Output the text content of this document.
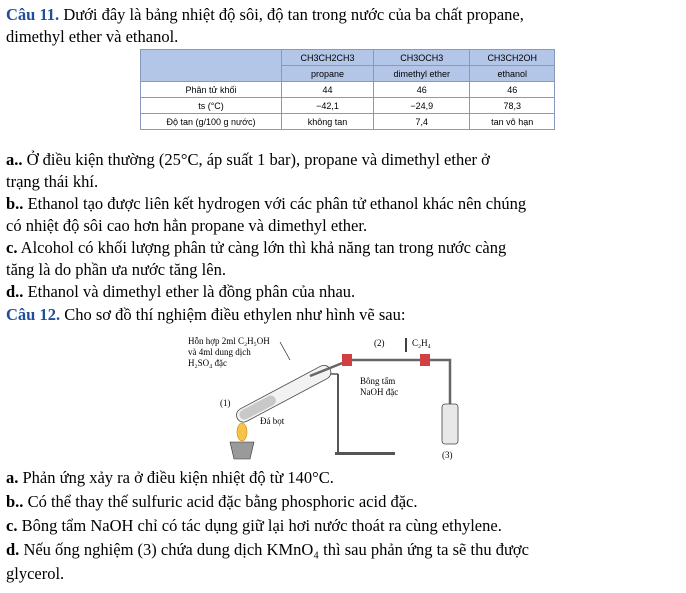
Câu 11. Dưới đây là bảng nhiệt độ sôi, độ tan trong nước của ba chất propane,
dimethyl ether và ethanol.
	CH3CH2CH3	CH3OCH3	CH3CH2OH
	propane	dimethyl ether	ethanol
Phân tử khối	44	46	46
ts (°C)	−42,1	−24,9	78,3
Độ tan (g/100 g nước)	không tan	7,4	tan vô hạn
a.. Ở điều kiện thường (25°C, áp suất 1 bar), propane và dimethyl ether ở
trạng thái khí.
b.. Ethanol tạo được liên kết hydrogen với các phân tử ethanol khác nên chúng
có nhiệt độ sôi cao hơn hẳn propane và dimethyl ether.
c. Alcohol có khối lượng phân tử càng lớn thì khả năng tan trong nước càng
tăng là do phần ưa nước tăng lên.
d.. Ethanol và dimethyl ether là đồng phân của nhau.
Câu 12. Cho sơ đồ thí nghiệm điều ethylen như hình vẽ sau:
Hỗn hợp 2ml C₂H₅OH
và 4ml dung dịch
H₂SO₄ đặc
(1)
Đá bọt
(2)
Bông tẩm
NaOH đặc
C₂H₄
(3)
a. Phản ứng xảy ra ở điều kiện nhiệt độ từ 140°C.
b.. Có thể thay thế sulfuric acid đặc bằng phosphoric acid đặc.
c. Bông tẩm NaOH chỉ có tác dụng giữ lại hơi nước thoát ra cùng ethylene.
d. Nếu ống nghiệm (3) chứa dung dịch KMnO₄ thì sau phản ứng ta sẽ thu được
glycerol.
